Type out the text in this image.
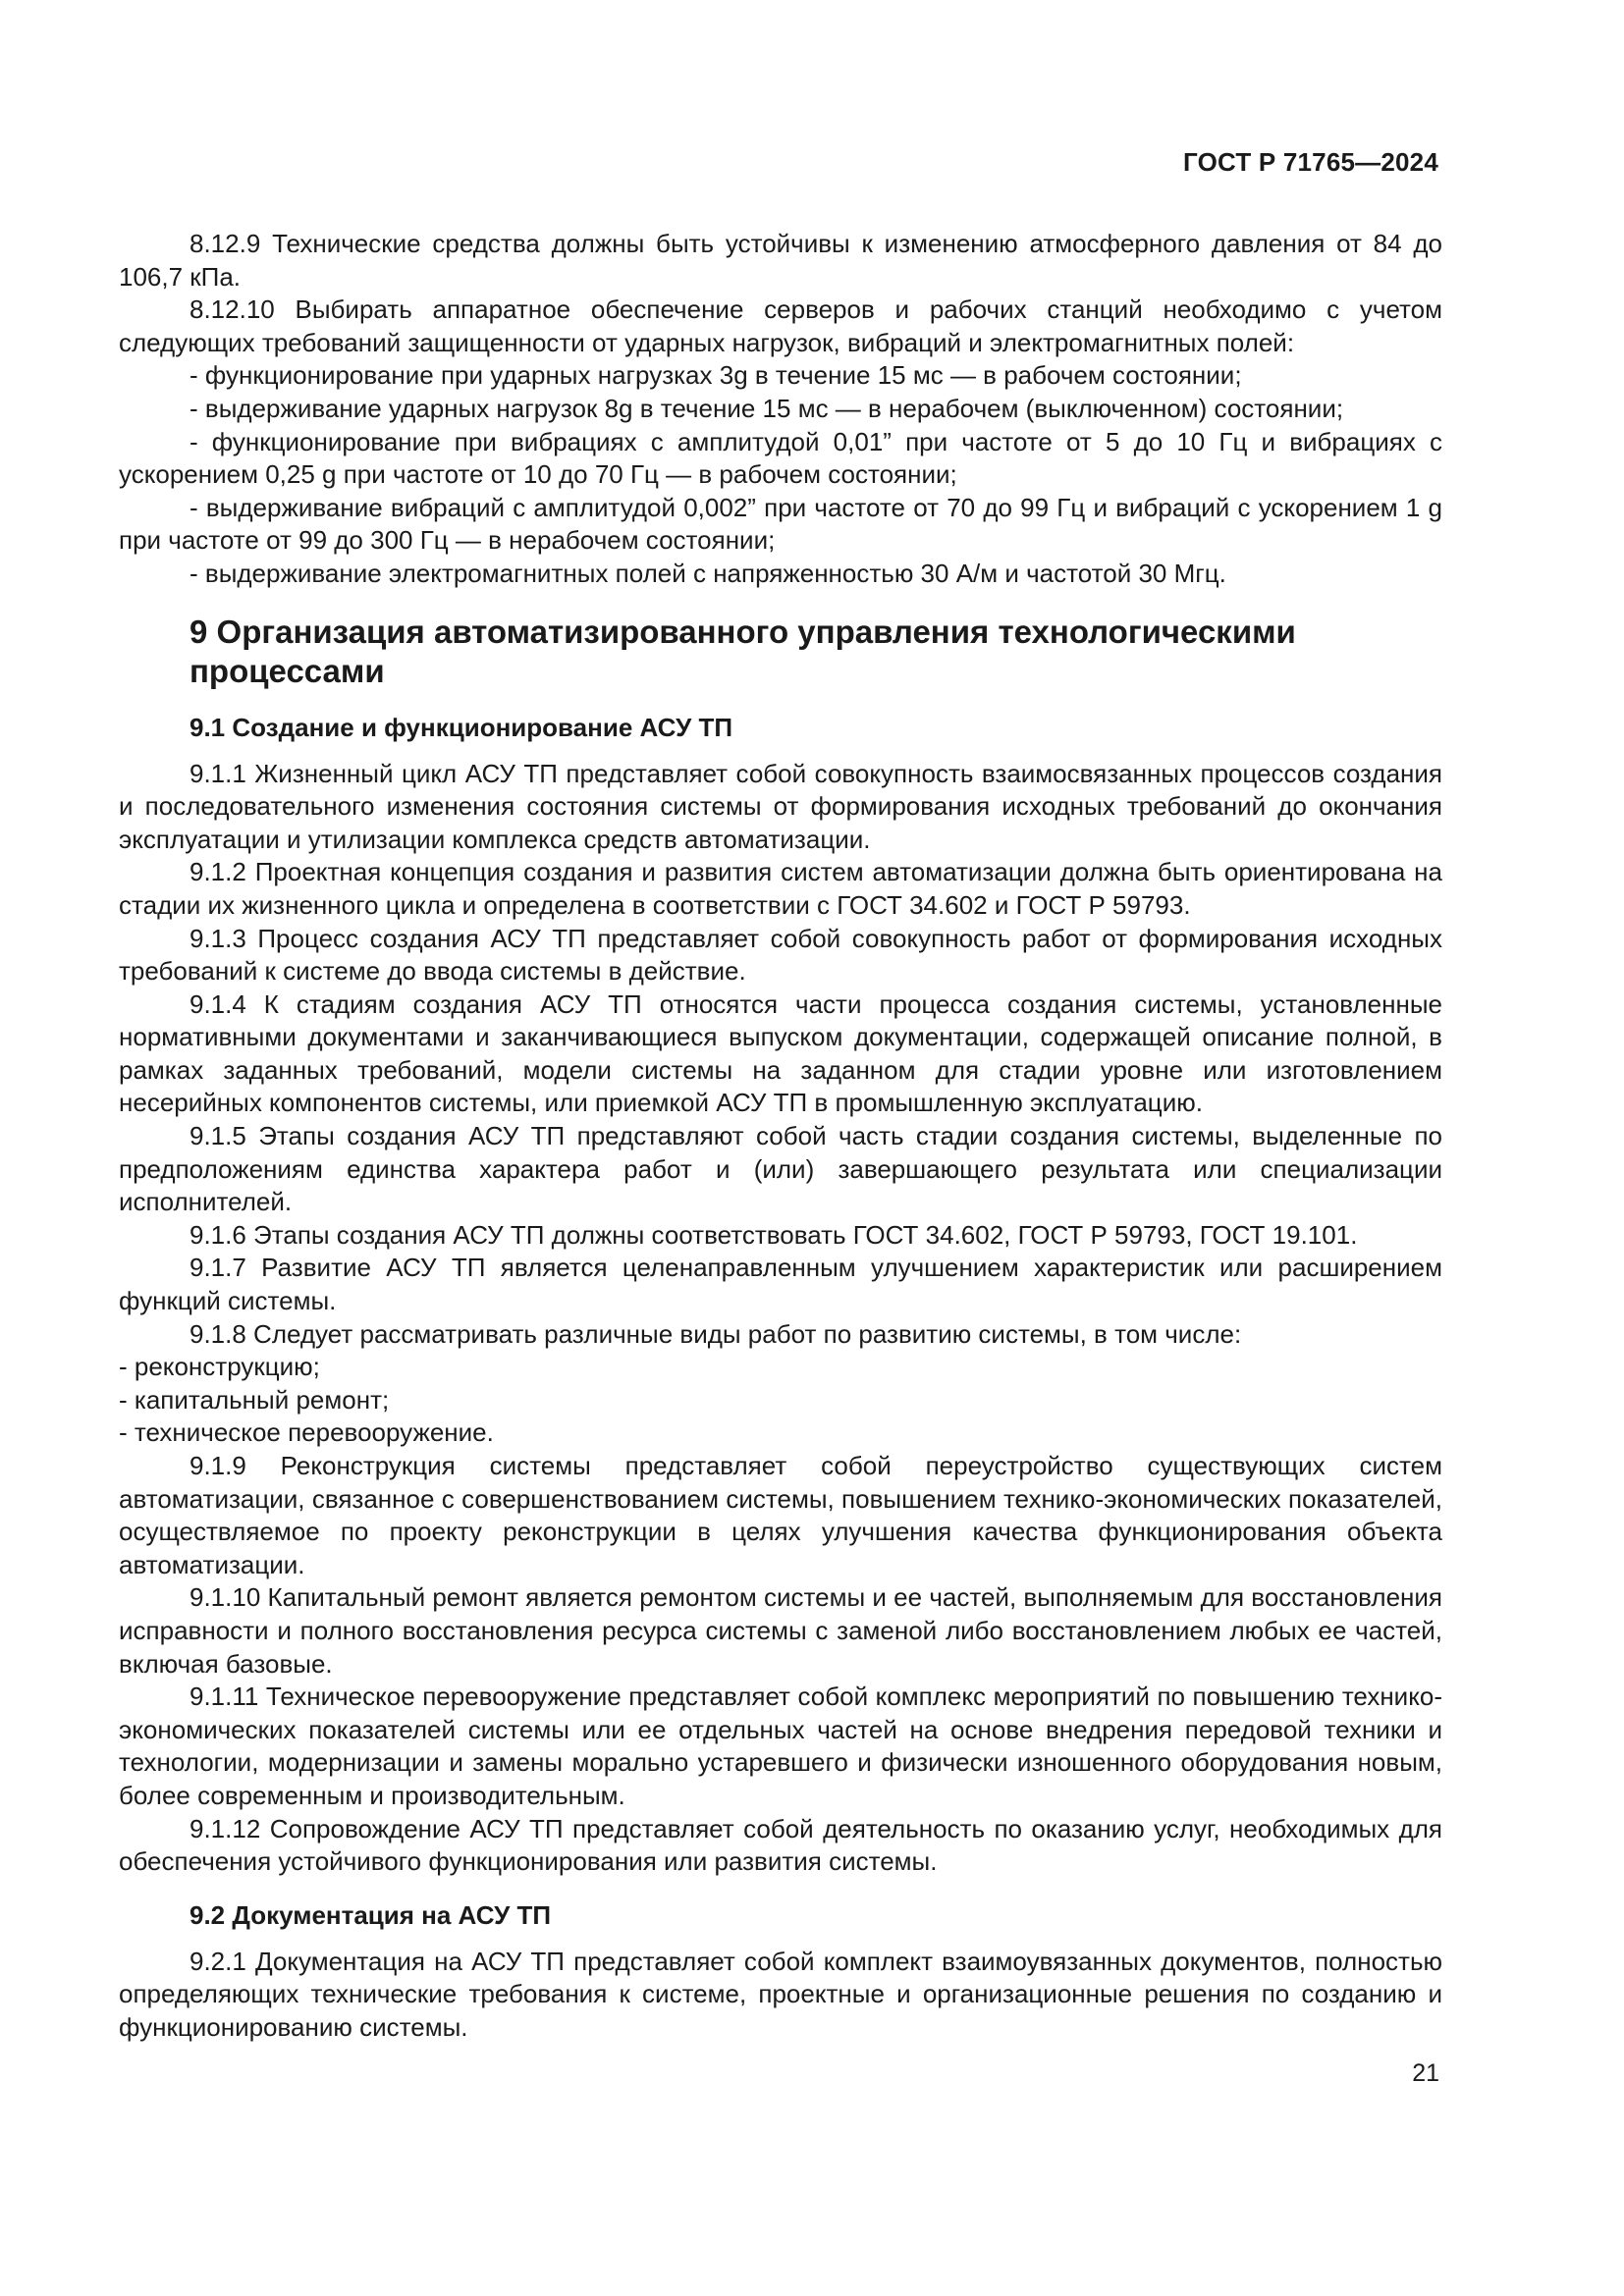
ГОСТ Р 71765—2024

8.12.9 Технические средства должны быть устойчивы к изменению атмосферного давления от 84 до 106,7 кПа.

8.12.10 Выбирать аппаратное обеспечение серверов и рабочих станций необходимо с учетом следующих требований защищенности от ударных нагрузок, вибраций и электромагнитных полей:

- функционирование при ударных нагрузках 3g в течение 15 мс — в рабочем состоянии;

- выдерживание ударных нагрузок 8g в течение 15 мс — в нерабочем (выключенном) состоянии;

- функционирование при вибрациях с амплитудой 0,01” при частоте от 5 до 10 Гц и вибрациях с ускорением 0,25 g при частоте от 10 до 70 Гц — в рабочем состоянии;

- выдерживание вибраций с амплитудой 0,002” при частоте от 70 до 99 Гц и вибраций с ускорением 1 g при частоте от 99 до 300 Гц — в нерабочем состоянии;

- выдерживание электромагнитных полей с напряженностью 30 А/м и частотой 30 Мгц.

9 Организация автоматизированного управления технологическими процессами
9.1 Создание и функционирование АСУ ТП

9.1.1 Жизненный цикл АСУ ТП представляет собой совокупность взаимосвязанных процессов создания и последовательного изменения состояния системы от формирования исходных требований до окончания эксплуатации и утилизации комплекса средств автоматизации.

9.1.2 Проектная концепция создания и развития систем автоматизации должна быть ориентирована на стадии их жизненного цикла и определена в соответствии с ГОСТ 34.602 и ГОСТ Р 59793.

9.1.3 Процесс создания АСУ ТП представляет собой совокупность работ от формирования исходных требований к системе до ввода системы в действие.

9.1.4 К стадиям создания АСУ ТП относятся части процесса создания системы, установленные нормативными документами и заканчивающиеся выпуском документации, содержащей описание полной, в рамках заданных требований, модели системы на заданном для стадии уровне или изготовлением несерийных компонентов системы, или приемкой АСУ ТП в промышленную эксплуатацию.

9.1.5 Этапы создания АСУ ТП представляют собой часть стадии создания системы, выделенные по предположениям единства характера работ и (или) завершающего результата или специализации исполнителей.

9.1.6 Этапы создания АСУ ТП должны соответствовать ГОСТ 34.602, ГОСТ Р 59793, ГОСТ 19.101.

9.1.7 Развитие АСУ ТП является целенаправленным улучшением характеристик или расширением функций системы.

9.1.8 Следует рассматривать различные виды работ по развитию системы, в том числе:

- реконструкцию;

- капитальный ремонт;

- техническое перевооружение.

9.1.9 Реконструкция системы представляет собой переустройство существующих систем автоматизации, связанное с совершенствованием системы, повышением технико-экономических показателей, осуществляемое по проекту реконструкции в целях улучшения качества функционирования объекта автоматизации.

9.1.10 Капитальный ремонт является ремонтом системы и ее частей, выполняемым для восстановления исправности и полного восстановления ресурса системы с заменой либо восстановлением любых ее частей, включая базовые.

9.1.11 Техническое перевооружение представляет собой комплекс мероприятий по повышению технико-экономических показателей системы или ее отдельных частей на основе внедрения передовой техники и технологии, модернизации и замены морально устаревшего и физически изношенного оборудования новым, более современным и производительным.

9.1.12 Сопровождение АСУ ТП представляет собой деятельность по оказанию услуг, необходимых для обеспечения устойчивого функционирования или развития системы.

9.2 Документация на АСУ ТП

9.2.1 Документация на АСУ ТП представляет собой комплект взаимоувязанных документов, полностью определяющих технические требования к системе, проектные и организационные решения по созданию и функционированию системы.

21
